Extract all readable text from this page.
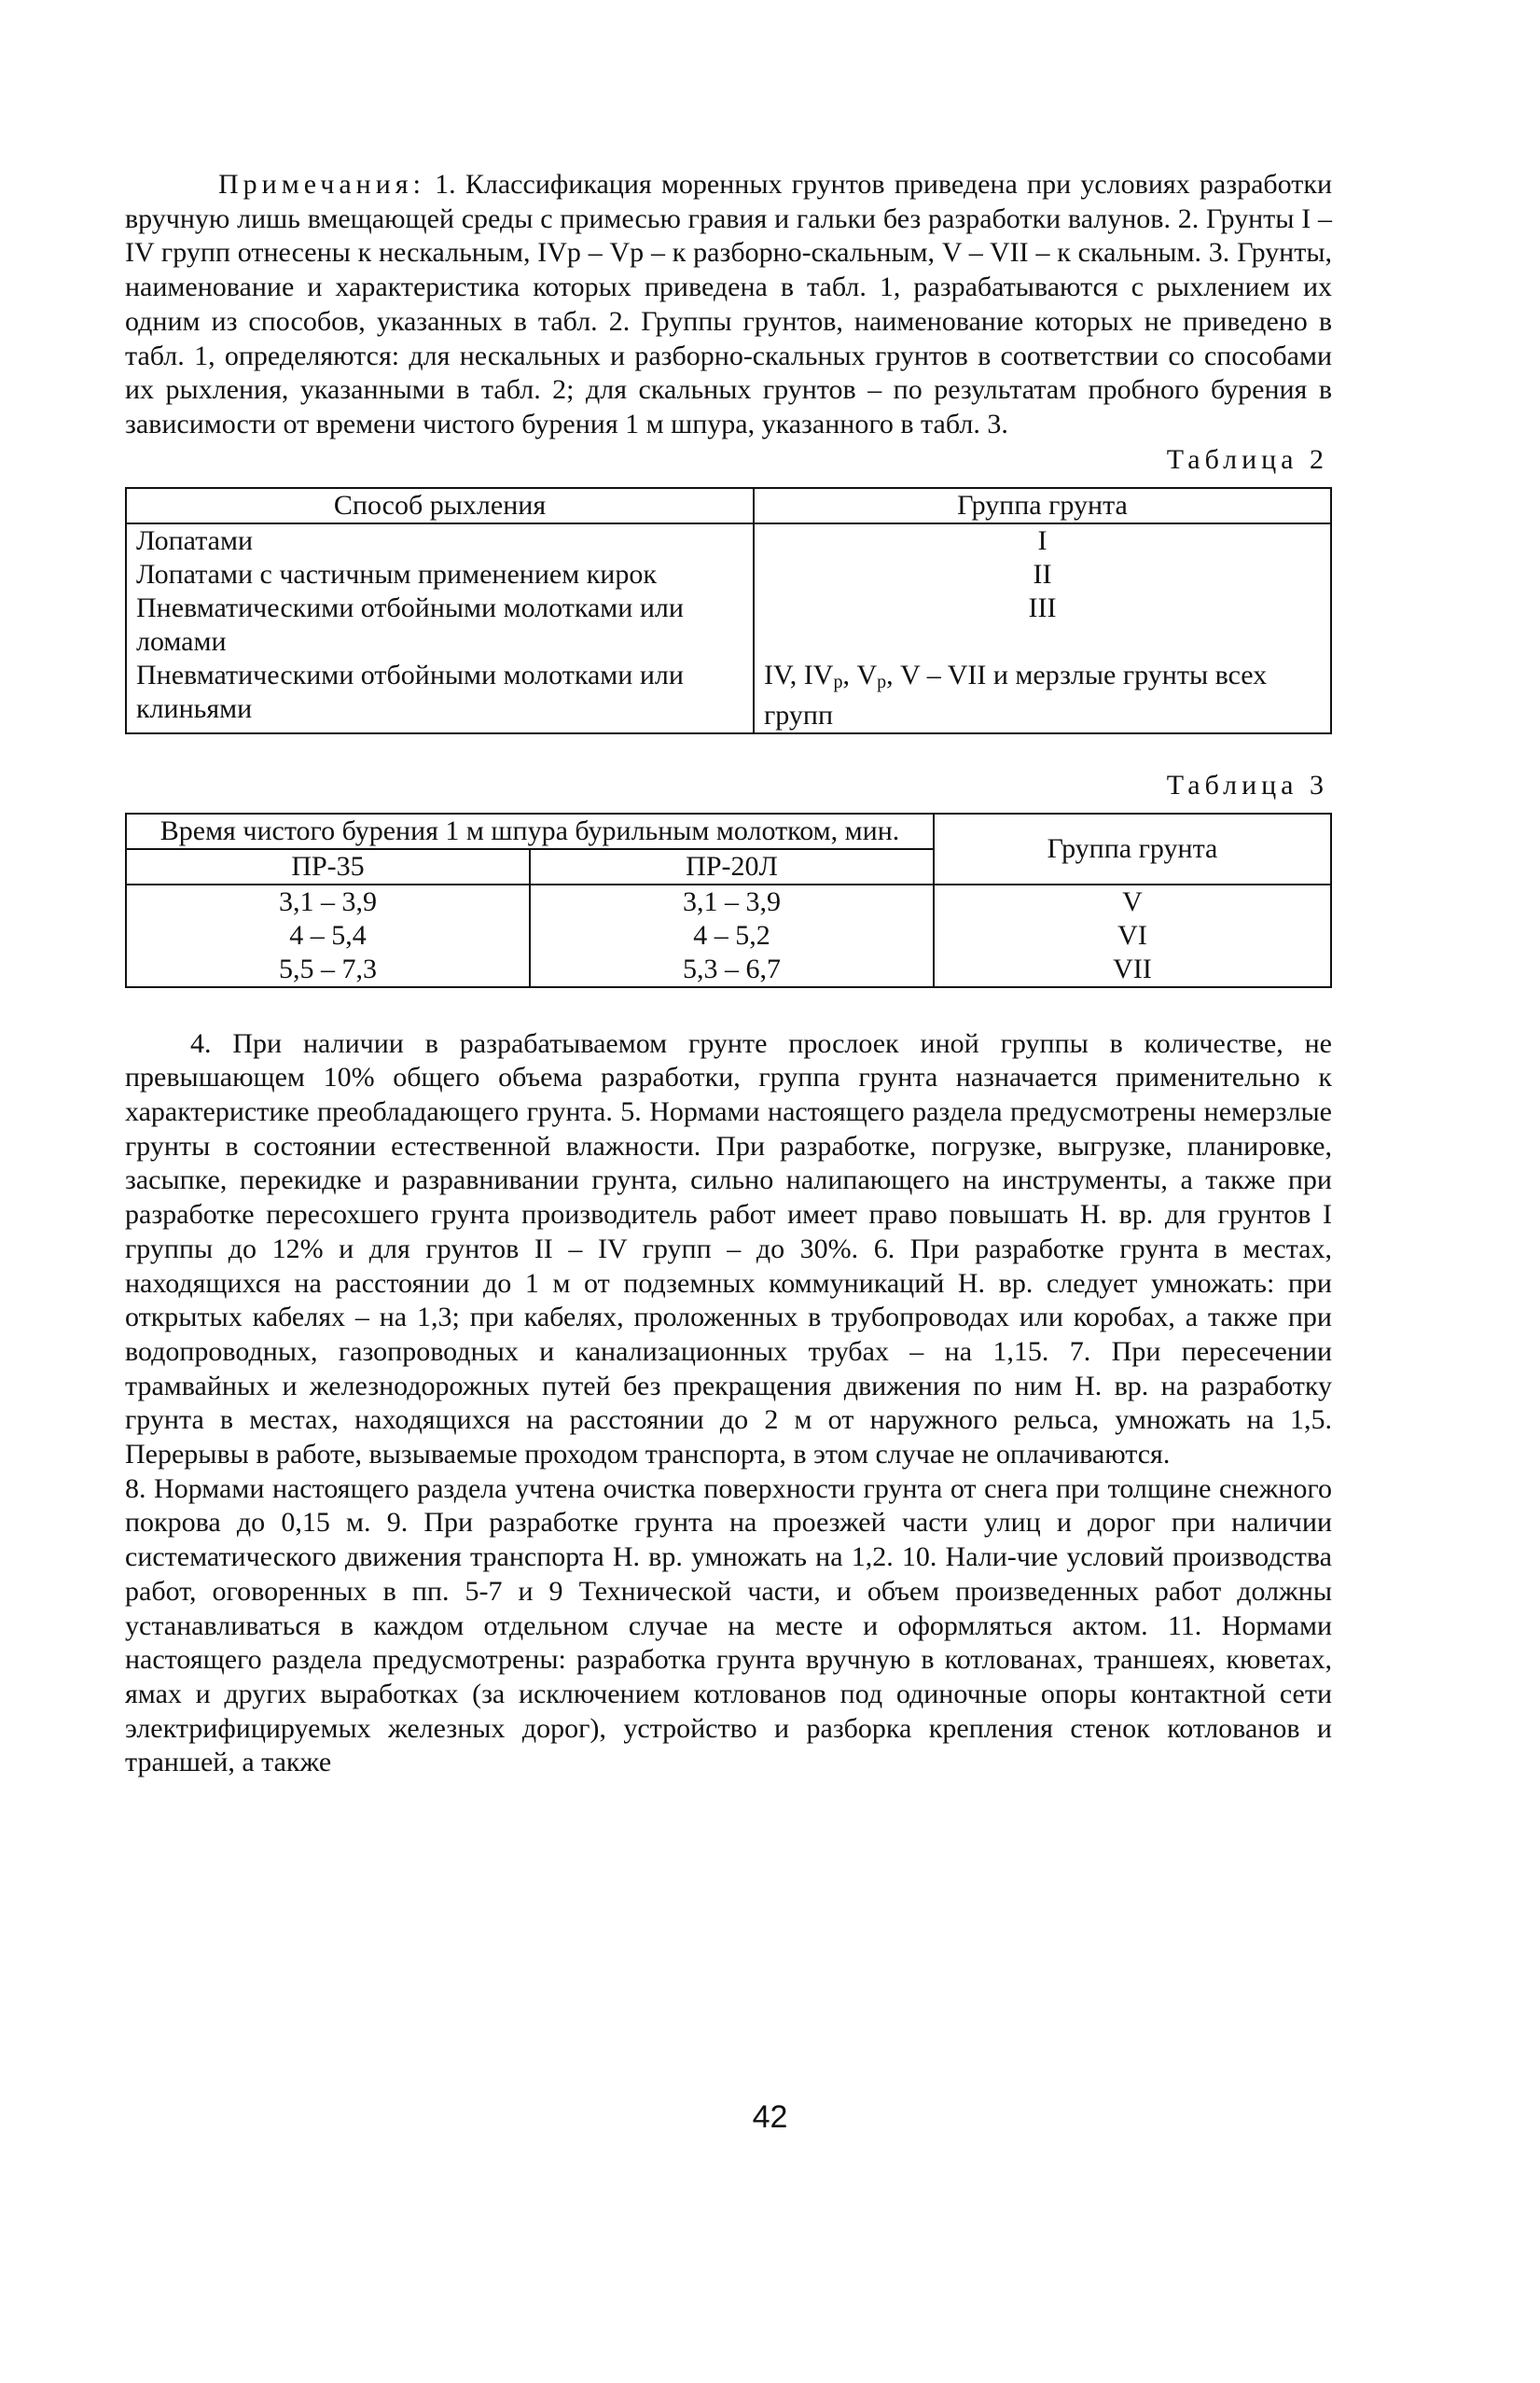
Примечания: 1. Классификация моренных грунтов приведена при условиях разработки вручную лишь вмещающей среды с примесью гравия и гальки без разработки валунов. 2. Грунты I – IV групп отнесены к нескальным, IVр – Vр – к разборно-скальным, V – VII – к скальным. 3. Грунты, наименование и характеристика которых приведена в табл. 1, разрабатываются с рыхлением их одним из способов, указанных в табл. 2. Группы грунтов, наименование которых не приведено в табл. 1, определяются: для нескальных и разборно-скальных грунтов в соответствии со способами их рыхления, указанными в табл. 2; для скальных грунтов – по результатам пробного бурения в зависимости от времени чистого бурения 1 м шпура, указанного в табл. 3.

Таблица 2

Способ рыхления	Группа грунта
Лопатами	I
Лопатами с частичным применением кирок	II
Пневматическими отбойными молотками или ломами	III
Пневматическими отбойными молотками или клиньями	IV, $IV_р$, $V_р$, V – VII и мерзлые грунты всех групп

Таблица 3

Время чистого бурения 1 м шпура бурильным молотком, мин.		Группа грунта
ПР-35	ПР-20Л	
3,1 – 3,9	3,1 – 3,9	V
4 – 5,4	4 – 5,2	VI
5,5 – 7,3	5,3 – 6,7	VII

4. При наличии в разрабатываемом грунте прослоек иной группы в количестве, не превышающем 10% общего объема разработки, группа грунта назначается применительно к характеристике преобладающего грунта. 5. Нормами настоящего раздела предусмотрены немерзлые грунты в состоянии естественной влажности. При разработке, погрузке, выгрузке, планировке, засыпке, перекидке и разравнивании грунта, сильно налипающего на инструменты, а также при разработке пересохшего грунта производитель работ имеет право повышать Н. вр. для грунтов I группы до 12% и для грунтов II – IV групп – до 30%. 6. При разработке грунта в местах, находящихся на расстоянии до 1 м от подземных коммуникаций Н. вр. следует умножать: при открытых кабелях – на 1,3; при кабелях, проложенных в трубопроводах или коробах, а также при водопроводных, газопроводных и канализационных трубах – на 1,15. 7. При пересечении трамвайных и железнодорожных путей без прекращения движения по ним Н. вр. на разработку грунта в местах, находящихся на расстоянии до 2 м от наружного рельса, умножать на 1,5. Перерывы в работе, вызываемые проходом транспорта, в этом случае не оплачиваются.

8. Нормами настоящего раздела учтена очистка поверхности грунта от снега при толщине снежного покрова до 0,15 м. 9. При разработке грунта на проезжей части улиц и дорог при наличии систематического движения транспорта Н. вр. умножать на 1,2. 10. Нали-чие условий производства работ, оговоренных в пп. 5-7 и 9 Технической части, и объем произведенных работ должны устанавливаться в каждом отдельном случае на месте и оформляться актом. 11. Нормами настоящего раздела предусмотрены: разработка грунта вручную в котлованах, траншеях, кюветах, ямах и других выработках (за исключением котлованов под одиночные опоры контактной сети электрифицируемых железных дорог), устройство и разборка крепления стенок котлованов и траншей, а также

42
